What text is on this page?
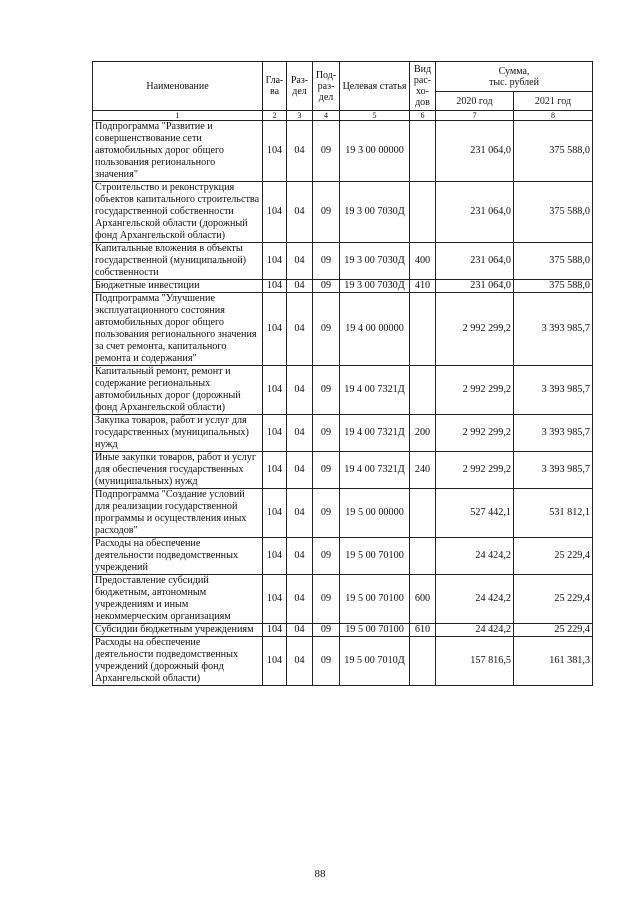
Наименование	Гла-ва	Раз-дел	Под-раз-дел	Целевая статья	Вид рас-хо-дов	Сумма,
тыс. рублей	

						2020 год	2021 год
1	2	3	4	5	6	7	8
Подпрограмма "Развитие и совершенствование сети автомобильных дорог общего пользования регионального значения"	104	04	09	19 3 00 00000		231 064,0	375 588,0
Строительство и реконструкция объектов капитального строительства государственной собственности Архангельской области (дорожный фонд Архангельской области)	104	04	09	19 3 00 7030Д		231 064,0	375 588,0
Капитальные вложения в объекты государственной (муниципальной) собственности	104	04	09	19 3 00 7030Д	400	231 064,0	375 588,0
Бюджетные инвестиции	104	04	09	19 3 00 7030Д	410	231 064,0	375 588,0
Подпрограмма "Улучшение эксплуатационного состояния автомобильных дорог общего пользования регионального значения за счет ремонта, капитального ремонта и содержания"	104	04	09	19 4 00 00000		2 992 299,2	3 393 985,7
Капитальный ремонт, ремонт и содержание региональных автомобильных дорог (дорожный фонд Архангельской области)	104	04	09	19 4 00 7321Д		2 992 299,2	3 393 985,7
Закупка товаров, работ и услуг для государственных (муниципальных) нужд	104	04	09	19 4 00 7321Д	200	2 992 299,2	3 393 985,7
Иные закупки товаров, работ и услуг для обеспечения государственных (муниципальных) нужд	104	04	09	19 4 00 7321Д	240	2 992 299,2	3 393 985,7
Подпрограмма "Создание условий для реализации государственной программы и осуществления иных расходов"	104	04	09	19 5 00 00000		527 442,1	531 812,1
Расходы на обеспечение деятельности подведомственных учреждений	104	04	09	19 5 00 70100		24 424,2	25 229,4
Предоставление субсидий бюджетным, автономным учреждениям и иным некоммерческим организациям	104	04	09	19 5 00 70100	600	24 424,2	25 229,4
Субсидии бюджетным учреждениям	104	04	09	19 5 00 70100	610	24 424,2	25 229,4
Расходы на обеспечение деятельности подведомственных учреждений (дорожный фонд Архангельской области)	104	04	09	19 5 00 7010Д		157 816,5	161 381,3
88
